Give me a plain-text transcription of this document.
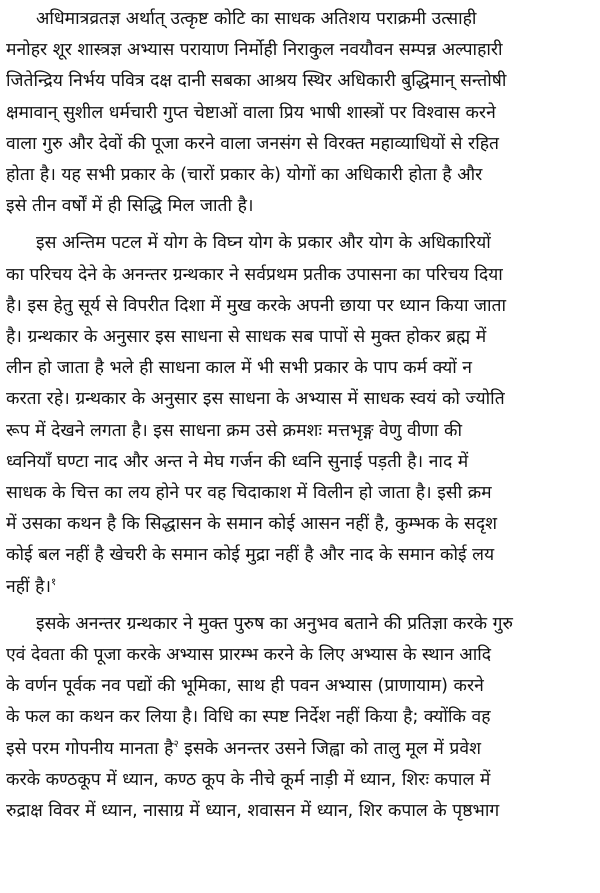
अधिमात्रव्रतज्ञ अर्थात् उत्कृष्ट कोटि का साधक अतिशय पराक्रमी उत्साही
मनोहर शूर शास्त्रज्ञ अभ्यास परायाण निर्मोही निराकुल नवयौवन सम्पन्न अल्पाहारी
जितेन्द्रिय निर्भय पवित्र दक्ष दानी सबका आश्रय स्थिर अधिकारी बुद्धिमान् सन्तोषी
क्षमावान् सुशील धर्मचारी गुप्त चेष्टाओं वाला प्रिय भाषी शास्त्रों पर विश्वास करने
वाला गुरु और देवों की पूजा करने वाला जनसंग से विरक्त महाव्याधियों से रहित
होता है। यह सभी प्रकार के (चारों प्रकार के) योगों का अधिकारी होता है और
इसे तीन वर्षों में ही सिद्धि मिल जाती है।

इस अन्तिम पटल में योग के विघ्न योग के प्रकार और योग के अधिकारियों
का परिचय देने के अनन्तर ग्रन्थकार ने सर्वप्रथम प्रतीक उपासना का परिचय दिया
है। इस हेतु सूर्य से विपरीत दिशा में मुख करके अपनी छाया पर ध्यान किया जाता
है। ग्रन्थकार के अनुसार इस साधना से साधक सब पापों से मुक्त होकर ब्रह्म में
लीन हो जाता है भले ही साधना काल में भी सभी प्रकार के पाप कर्म क्यों न
करता रहे। ग्रन्थकार के अनुसार इस साधना के अभ्यास में साधक स्वयं को ज्योति
रूप में देखने लगता है। इस साधना क्रम उसे क्रमशः मत्तभृङ्ग वेणु वीणा की
ध्वनियाँ घण्टा नाद और अन्त ने मेघ गर्जन की ध्वनि सुनाई पड़ती है। नाद में
साधक के चित्त का लय होने पर वह चिदाकाश में विलीन हो जाता है। इसी क्रम
में उसका कथन है कि सिद्धासन के समान कोई आसन नहीं है, कुम्भक के सदृश
कोई बल नहीं है खेचरी के समान कोई मुद्रा नहीं है और नाद के समान कोई लय
नहीं है।$^१$

इसके अनन्तर ग्रन्थकार ने मुक्त पुरुष का अनुभव बताने की प्रतिज्ञा करके गुरु
एवं देवता की पूजा करके अभ्यास प्रारम्भ करने के लिए अभ्यास के स्थान आदि
के वर्णन पूर्वक नव पद्यों की भूमिका, साथ ही पवन अभ्यास (प्राणायाम) करने
के फल का कथन कर लिया है। विधि का स्पष्ट निर्देश नहीं किया है; क्योंकि वह
इसे परम गोपनीय मानता है$^२$ इसके अनन्तर उसने जिह्वा को तालु मूल में प्रवेश
करके कण्ठकूप में ध्यान, कण्ठ कूप के नीचे कूर्म नाड़ी में ध्यान, शिरः कपाल में
रुद्राक्ष विवर में ध्यान, नासाग्र में ध्यान, शवासन में ध्यान, शिर कपाल के पृष्ठभाग
